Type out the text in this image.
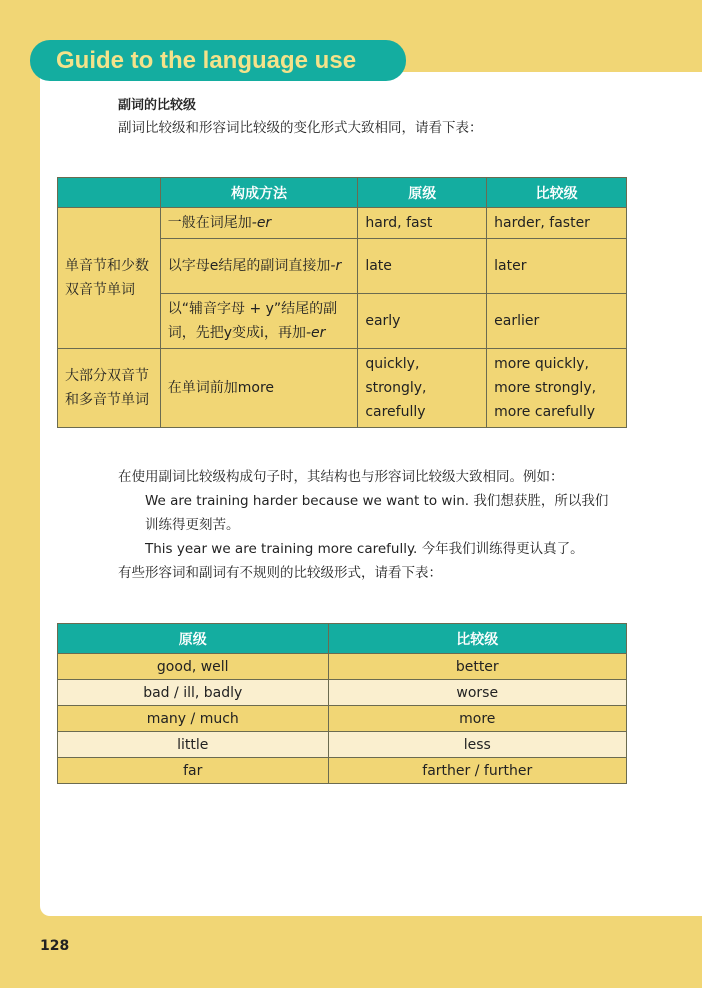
Guide to the language use
副词的比较级
副词比较级和形容词比较级的变化形式大致相同，请看下表：
	构成方法	原级	比较级
单音节和少数双音节单词	一般在词尾加-er	hard, fast	harder, faster
	以字母e结尾的副词直接加-r	late	later
	以“辅音字母 + y”结尾的副词，先把y变成i，再加-er	early	earlier
大部分双音节和多音节单词	在单词前加more	quickly, strongly, carefully	more quickly, more strongly, more carefully
在使用副词比较级构成句子时，其结构也与形容词比较级大致相同。例如：
We are training harder because we want to win. 我们想获胜，所以我们
训练得更刻苦。
This year we are training more carefully. 今年我们训练得更认真了。
有些形容词和副词有不规则的比较级形式，请看下表：
原级	比较级
good, well	better
bad / ill, badly	worse
many / much	more
little	less
far	farther / further
128
